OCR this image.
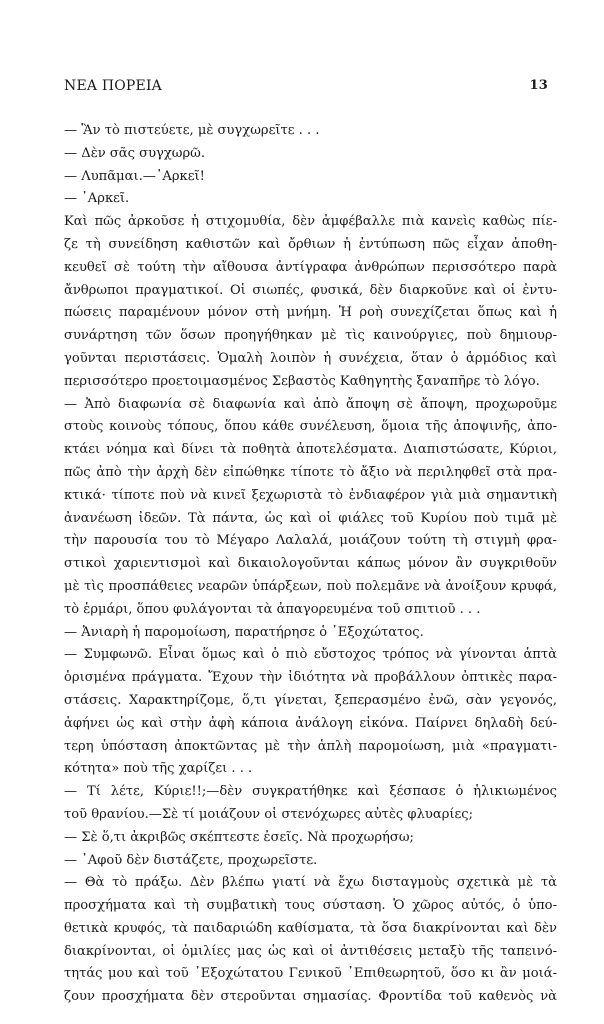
ΝΕΑ ΠΟΡΕΙΑ	13
— Ἂν τὸ πιστεύετε, μὲ συγχωρεῖτε . . .
— Δὲν σᾶς συγχωρῶ.
— Λυπᾶμαι.—᾿Αρκεῖ!
— ᾿Αρκεῖ.
Καὶ πῶς ἀρκοῦσε ἡ στιχομυθία, δὲν ἀμφέβαλλε πιὰ κανεὶς καθὼς πίε-
ζε τὴ συνείδηση καθιστῶν καὶ ὄρθιων ἡ ἐντύπωση πῶς εἶχαν ἀποθη-
κευθεῖ σὲ τούτη τὴν αἴθουσα ἀντίγραφα ἀνθρώπων περισσότερο παρὰ
ἄνθρωποι πραγματικοί. Οἱ σιωπές, φυσικά, δὲν διαρκοῦνε καὶ οἱ ἐντυ-
πώσεις παραμένουν μόνον στὴ μνήμη. Ἡ ροὴ συνεχίζεται ὅπως καὶ ἡ
συνάρτηση τῶν ὅσων προηγήθηκαν μὲ τὶς καινούργιες, ποὺ δημιουρ-
γοῦνται περιστάσεις. Ὁμαλὴ λοιπὸν ἡ συνέχεια, ὅταν ὁ ἁρμόδιος καὶ
περισσότερο προετοιμασμένος Σεβαστὸς Καθηγητὴς ξαναπῆρε τὸ λόγο.
— Ἀπὸ διαφωνία σὲ διαφωνία καὶ ἀπὸ ἄποψη σὲ ἄποψη, προχωροῦμε
στοὺς κοινοὺς τόπους, ὅπου κάθε συνέλευση, ὅμοια τῆς ἀποψινῆς, ἀπο-
κτάει νόημα καὶ δίνει τὰ ποθητὰ ἀποτελέσματα. Διαπιστώσατε, Κύριοι,
πῶς ἀπὸ τὴν ἀρχὴ δὲν εἰπώθηκε τίποτε τὸ ἄξιο νὰ περιληφθεῖ στὰ πρα-
κτικά· τίποτε ποὺ νὰ κινεῖ ξεχωριστὰ τὸ ἐνδιαφέρον γιὰ μιὰ σημαντικὴ
ἀνανέωση ἰδεῶν. Τὰ πάντα, ὡς καὶ οἱ φιάλες τοῦ Κυρίου ποὺ τιμᾶ μὲ
τὴν παρουσία του τὸ Μέγαρο Λαλαλά, μοιάζουν τούτη τὴ στιγμὴ φρα-
στικοὶ χαριεντισμοὶ καὶ δικαιολογοῦνται κάπως μόνον ἂν συγκριθοῦν
μὲ τὶς προσπάθειες νεαρῶν ὑπάρξεων, ποὺ πολεμᾶνε νὰ ἀνοίξουν κρυφά,
τὸ ἑρμάρι, ὅπου φυλάγονται τὰ ἀπαγορευμένα τοῦ σπιτιοῦ . . .
— Ἀνιαρὴ ἡ παρομοίωση, παρατήρησε ὁ ᾿Εξοχώτατος.
— Συμφωνῶ. Εἶναι ὅμως καὶ ὁ πιὸ εὔστοχος τρόπος νὰ γίνονται ἁπτὰ
ὁρισμένα πράγματα. Ἔχουν τὴν ἰδιότητα νὰ προβάλλουν ὀπτικὲς παρα-
στάσεις. Χαρακτηρίζομε, ὅ,τι γίνεται, ξεπερασμένο ἐνῶ, σὰν γεγονός,
ἀφήνει ὡς καὶ στὴν ἀφὴ κάποια ἀνάλογη εἰκόνα. Παίρνει δηλαδὴ δεύ-
τερη ὑπόσταση ἀποκτῶντας μὲ τὴν ἁπλὴ παρομοίωση, μιὰ «πραγματι-
κότητα» ποὺ τῆς χαρίζει . . .
— Τί λέτε, Κύριε!!;—δὲν συγκρατήθηκε καὶ ξέσπασε ὁ ἡλικιωμένος
τοῦ θρανίου.—Σὲ τί μοιάζουν οἱ στενόχωρες αὐτὲς φλυαρίες;
— Σὲ ὅ,τι ἀκριβῶς σκέπτεστε ἐσεῖς. Νὰ προχωρήσω;
— ᾿Αφοῦ δὲν διστάζετε, προχωρεῖστε.
— Θὰ τὸ πράξω. Δὲν βλέπω γιατί νὰ ἔχω δισταγμοὺς σχετικὰ μὲ τὰ
προσχήματα καὶ τὴ συμβατικὴ τους σύσταση. Ὁ χῶρος αὐτός, ὁ ὑπο-
θετικὰ κρυφός, τὰ παιδαριώδη καθίσματα, τὰ ὅσα διακρίνονται καὶ δὲν
διακρίνονται, οἱ ὁμιλίες μας ὡς καὶ οἱ ἀντιθέσεις μεταξὺ τῆς ταπεινό-
τητάς μου καὶ τοῦ ᾿Εξοχώτατου Γενικοῦ ᾿Επιθεωρητοῦ, ὅσο κι ἂν μοιά-
ζουν προσχήματα δὲν στεροῦνται σημασίας. Φροντίδα τοῦ καθενὸς νὰ
